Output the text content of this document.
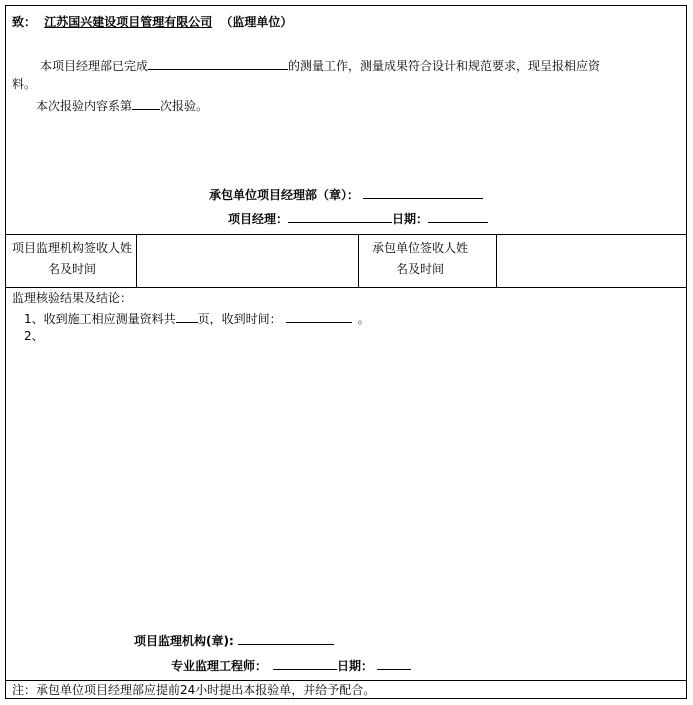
致： 江苏国兴建设项目管理有限公司 （监理单位）
本项目经理部已完成	的测量工作，测量成果符合设计和规范要求，现呈报相应资
料。
本次报验内容系第 次报验。
承包单位项目经理部（章）：
项目经理：	日期：
项目监理机构签收人姓名及时间
承包单位签收人姓名及时间
监理核验结果及结论：
1、收到施工相应测量资料共 页，收到时间：	。
2、
项目监理机构(章):
专业监理工程师：	日期：
注：承包单位项目经理部应提前24小时提出本报验单，并给予配合。
